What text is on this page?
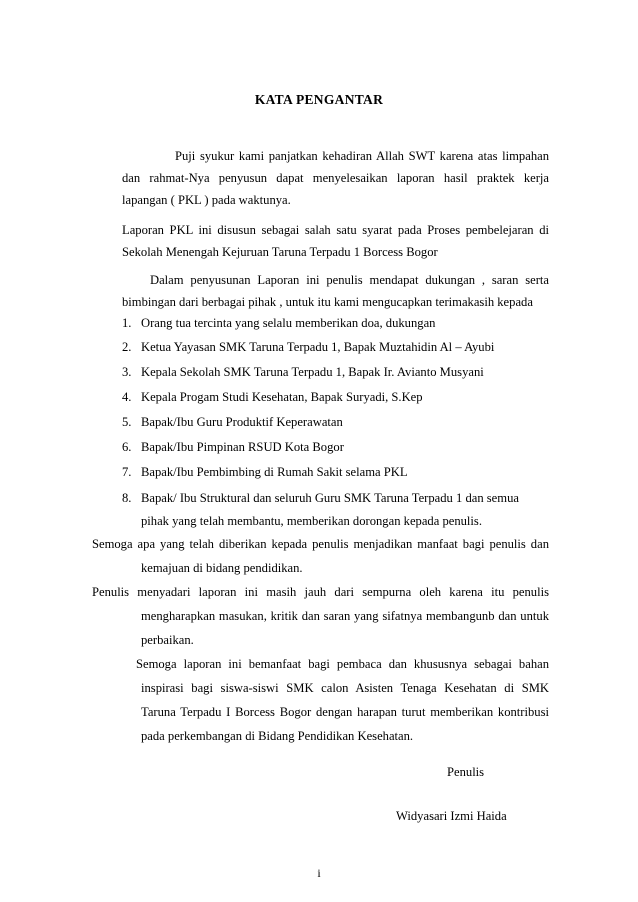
KATA PENGANTAR
Puji syukur kami panjatkan kehadiran Allah SWT karena atas limpahan
dan rahmat-Nya penyusun dapat menyelesaikan laporan hasil praktek kerja
lapangan ( PKL ) pada waktunya.
Laporan PKL ini disusun sebagai salah satu syarat pada Proses pembelejaran di
Sekolah Menengah Kejuruan Taruna Terpadu 1 Borcess Bogor
Dalam penyusunan Laporan ini penulis mendapat dukungan , saran serta
bimbingan dari berbagai pihak , untuk itu kami mengucapkan terimakasih kepada
1. Orang tua tercinta yang selalu memberikan doa, dukungan
2. Ketua Yayasan SMK Taruna Terpadu 1, Bapak Muztahidin Al – Ayubi
3. Kepala Sekolah SMK Taruna Terpadu 1, Bapak Ir. Avianto Musyani
4. Kepala Progam Studi Kesehatan, Bapak Suryadi, S.Kep
5. Bapak/Ibu Guru Produktif Keperawatan
6. Bapak/Ibu Pimpinan RSUD Kota Bogor
7. Bapak/Ibu Pembimbing di Rumah Sakit selama PKL
8. Bapak/ Ibu Struktural dan seluruh Guru SMK Taruna Terpadu 1 dan semua
pihak yang telah membantu, memberikan dorongan kepada penulis.
Semoga apa yang telah diberikan kepada penulis menjadikan manfaat bagi penulis dan
kemajuan di bidang pendidikan.
Penulis menyadari laporan ini masih jauh dari sempurna oleh karena itu penulis
mengharapkan masukan, kritik dan saran yang sifatnya membangunb dan untuk
perbaikan.
Semoga laporan ini bemanfaat bagi pembaca dan khususnya sebagai bahan
inspirasi bagi siswa-siswi SMK calon Asisten Tenaga Kesehatan di SMK
Taruna Terpadu I Borcess Bogor dengan harapan turut memberikan kontribusi
pada perkembangan di Bidang Pendidikan Kesehatan.
i
Penulis
Widyasari Izmi Haida
